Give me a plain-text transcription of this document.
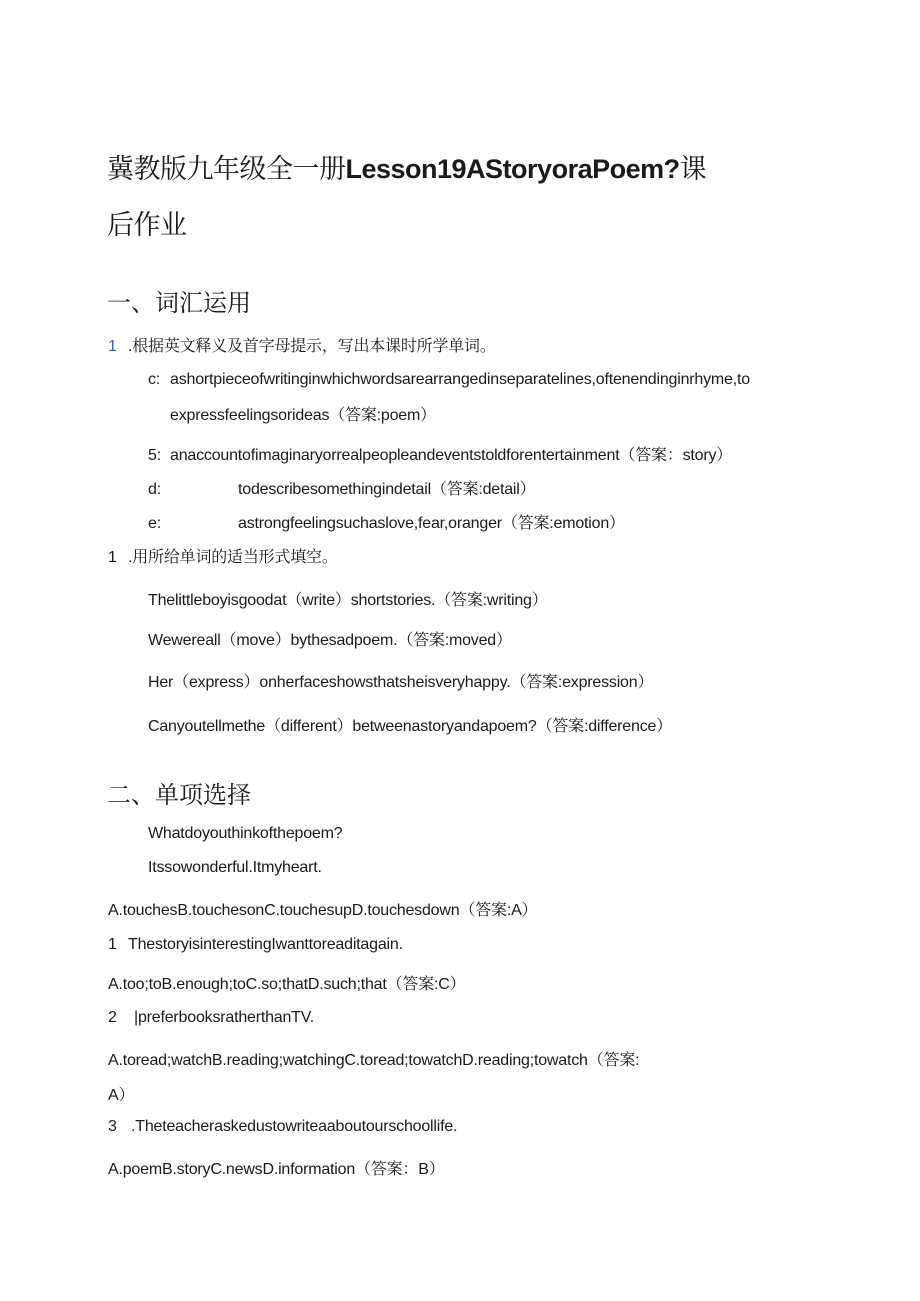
冀教版九年级全一册Lesson19AStoryoraPoem?课
后作业
一、词汇运用
1 .根据英文释义及首字母提示，写出本课时所学单词。
c: ashortpieceofwritinginwhichwordsarearrangedinseparatelines,oftenendinginrhyme,to
expressfeelingsorideas（答案:poem）
5: anaccountofimaginaryorrealpeopleandeventstoldforentertainment（答案：story）
d:	todescribesomethingindetail（答案:detail）
e:	astrongfeelingsuchaslove,fear,oranger（答案:emotion）
1 .用所给单词的适当形式填空。
Thelittleboyisgoodat（write）shortstories.（答案:writing）
Wewereall（move）bythesadpoem.（答案:moved）
Her（express）onherfaceshowsthatsheisveryhappy.（答案:expression）
Canyoutellmethe（different）betweenastoryandapoem?（答案:difference）
二、单项选择
Whatdoyouthinkofthepoem?
Itssowonderful.Itmyheart.
A.touchesB.touchesonC.touchesupD.touchesdown（答案:A）
1 ThestoryisinterestingIwanttoreaditagain.
A.too;toB.enough;toC.so;thatD.such;that（答案:C）
2 |preferbooksratherthanTV.
A.toread;watchB.reading;watchingC.toread;towatchD.reading;towatch（答案:
A）
3 .Theteacheraskedustowriteaaboutourschoollife.
A.poemB.storyC.newsD.information（答案：B）
